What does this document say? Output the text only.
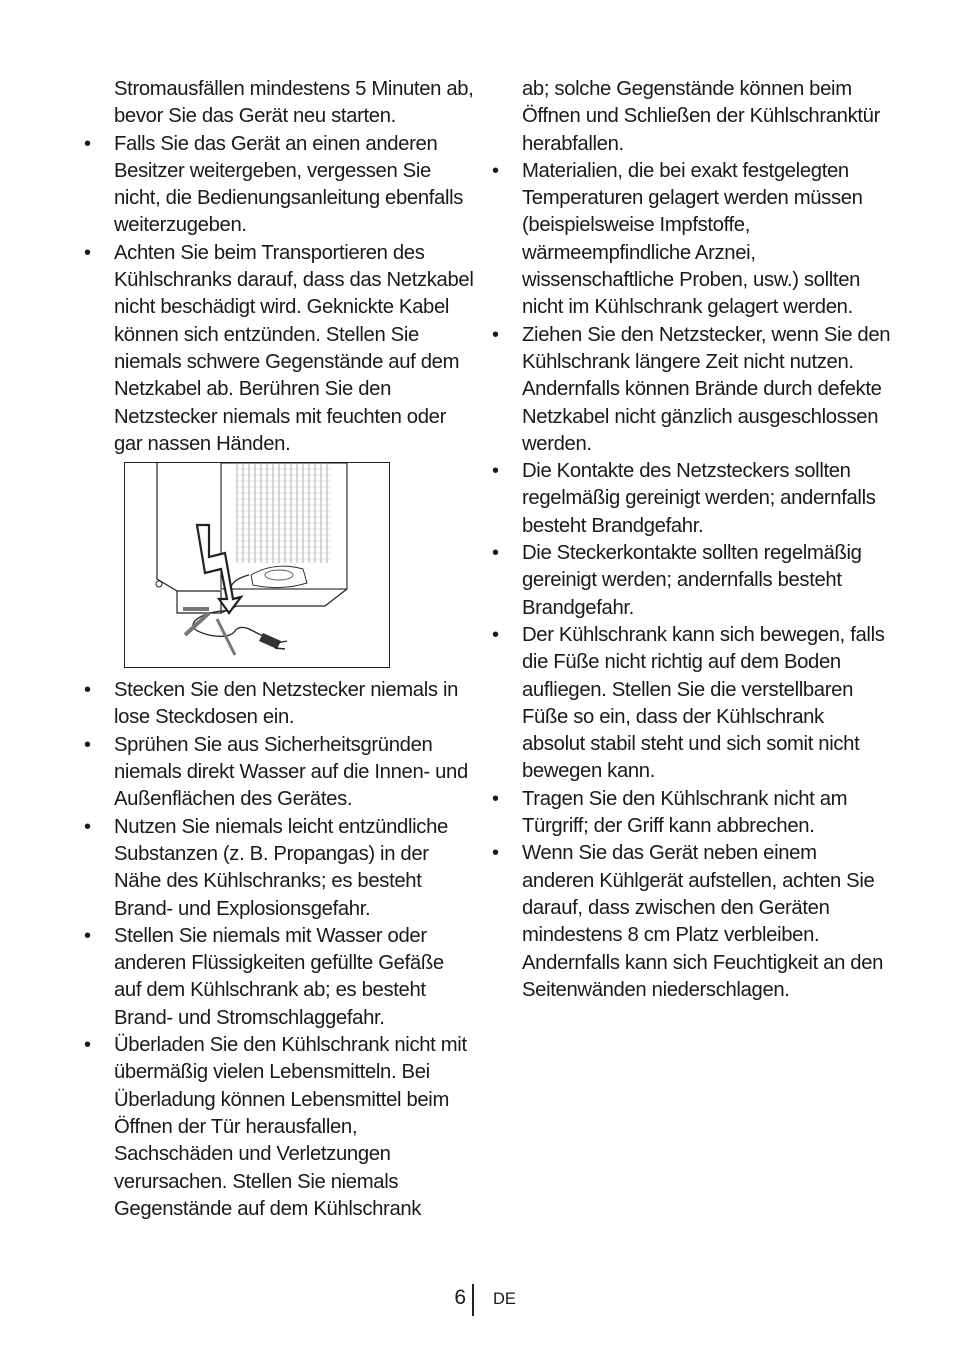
Stromausfällen mindestens 5 Minuten ab, bevor Sie das Gerät neu starten.

• Falls Sie das Gerät an einen anderen Besitzer weitergeben, vergessen Sie nicht, die Bedienungsanleitung ebenfalls weiterzugeben.

• Achten Sie beim Transportieren des Kühlschranks darauf, dass das Netzkabel nicht beschädigt wird. Geknickte Kabel können sich entzünden. Stellen Sie niemals schwere Gegenstände auf dem Netzkabel ab. Berühren Sie den Netzstecker niemals mit feuchten oder gar nassen Händen.

• Stecken Sie den Netzstecker niemals in lose Steckdosen ein.

• Sprühen Sie aus Sicherheitsgründen niemals direkt Wasser auf die Innen- und Außenflächen des Gerätes.

• Nutzen Sie niemals leicht entzündliche Substanzen (z. B. Propangas) in der Nähe des Kühlschranks; es besteht Brand- und Explosionsgefahr.

• Stellen Sie niemals mit Wasser oder anderen Flüssigkeiten gefüllte Gefäße auf dem Kühlschrank ab; es besteht Brand- und Stromschlaggefahr.

• Überladen Sie den Kühlschrank nicht mit übermäßig vielen Lebensmitteln. Bei Überladung können Lebensmittel beim Öffnen der Tür herausfallen, Sachschäden und Verletzungen verursachen. Stellen Sie niemals Gegenstände auf dem Kühlschrank

ab; solche Gegenstände können beim Öffnen und Schließen der Kühlschranktür herabfallen.

• Materialien, die bei exakt festgelegten Temperaturen gelagert werden müssen (beispielsweise Impfstoffe, wärmeempfindliche Arznei, wissenschaftliche Proben, usw.) sollten nicht im Kühlschrank gelagert werden.

• Ziehen Sie den Netzstecker, wenn Sie den Kühlschrank längere Zeit nicht nutzen. Andernfalls können Brände durch defekte Netzkabel nicht gänzlich ausgeschlossen werden.

• Die Kontakte des Netzsteckers sollten regelmäßig gereinigt werden; andernfalls besteht Brandgefahr.

• Die Steckerkontakte sollten regelmäßig gereinigt werden; andernfalls besteht Brandgefahr.

• Der Kühlschrank kann sich bewegen, falls die Füße nicht richtig auf dem Boden aufliegen. Stellen Sie die verstellbaren Füße so ein, dass der Kühlschrank absolut stabil steht und sich somit nicht bewegen kann.

• Tragen Sie den Kühlschrank nicht am Türgriff; der Griff kann abbrechen.

• Wenn Sie das Gerät neben einem anderen Kühlgerät aufstellen, achten Sie darauf, dass zwischen den Geräten mindestens 8 cm Platz verbleiben. Andernfalls kann sich Feuchtigkeit an den Seitenwänden niederschlagen.

6 DE
